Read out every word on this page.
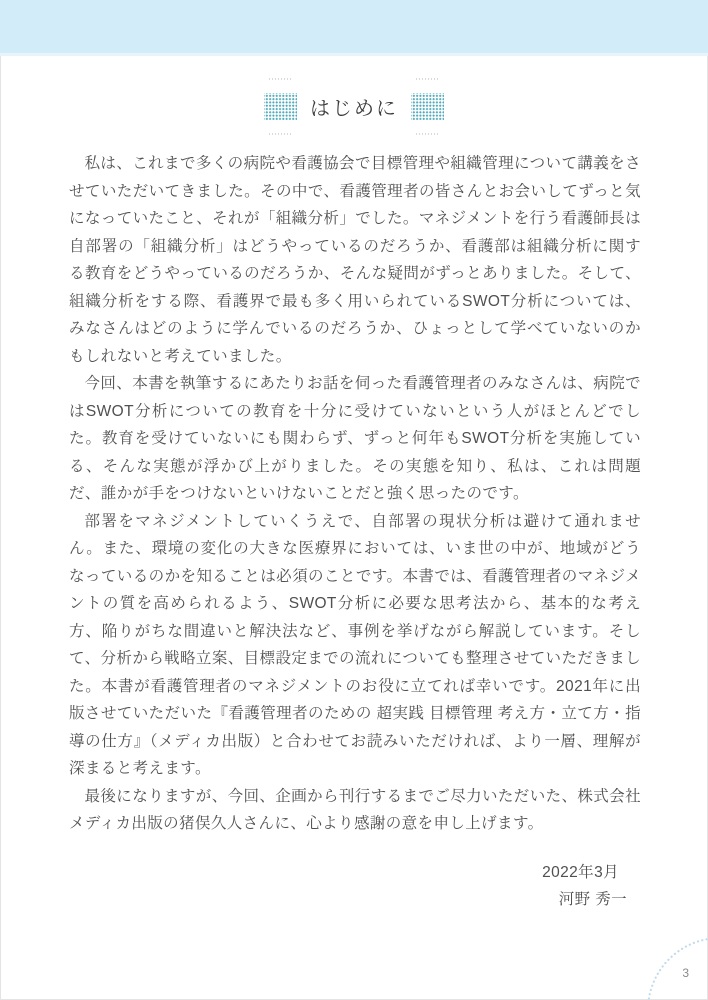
はじめに

私は、これまで多くの病院や看護協会で目標管理や組織管理について講義をさせていただいてきました。その中で、看護管理者の皆さんとお会いしてずっと気になっていたこと、それが「組織分析」でした。マネジメントを行う看護師長は自部署の「組織分析」はどうやっているのだろうか、看護部は組織分析に関する教育をどうやっているのだろうか、そんな疑問がずっとありました。そして、組織分析をする際、看護界で最も多く用いられているSWOT分析については、みなさんはどのように学んでいるのだろうか、ひょっとして学べていないのかもしれないと考えていました。

今回、本書を執筆するにあたりお話を伺った看護管理者のみなさんは、病院ではSWOT分析についての教育を十分に受けていないという人がほとんどでした。教育を受けていないにも関わらず、ずっと何年もSWOT分析を実施している、そんな実態が浮かび上がりました。その実態を知り、私は、これは問題だ、誰かが手をつけないといけないことだと強く思ったのです。

部署をマネジメントしていくうえで、自部署の現状分析は避けて通れません。また、環境の変化の大きな医療界においては、いま世の中が、地域がどうなっているのかを知ることは必須のことです。本書では、看護管理者のマネジメントの質を高められるよう、SWOT分析に必要な思考法から、基本的な考え方、陥りがちな間違いと解決法など、事例を挙げながら解説しています。そして、分析から戦略立案、目標設定までの流れについても整理させていただきました。本書が看護管理者のマネジメントのお役に立てれば幸いです。2021年に出版させていただいた『看護管理者のための 超実践 目標管理 考え方・立て方・指導の仕方』（メディカ出版）と合わせてお読みいただければ、より一層、理解が深まると考えます。

最後になりますが、今回、企画から刊行するまでご尽力いただいた、株式会社メディカ出版の猪俣久人さんに、心より感謝の意を申し上げます。

2022年3月

河野 秀一

3
